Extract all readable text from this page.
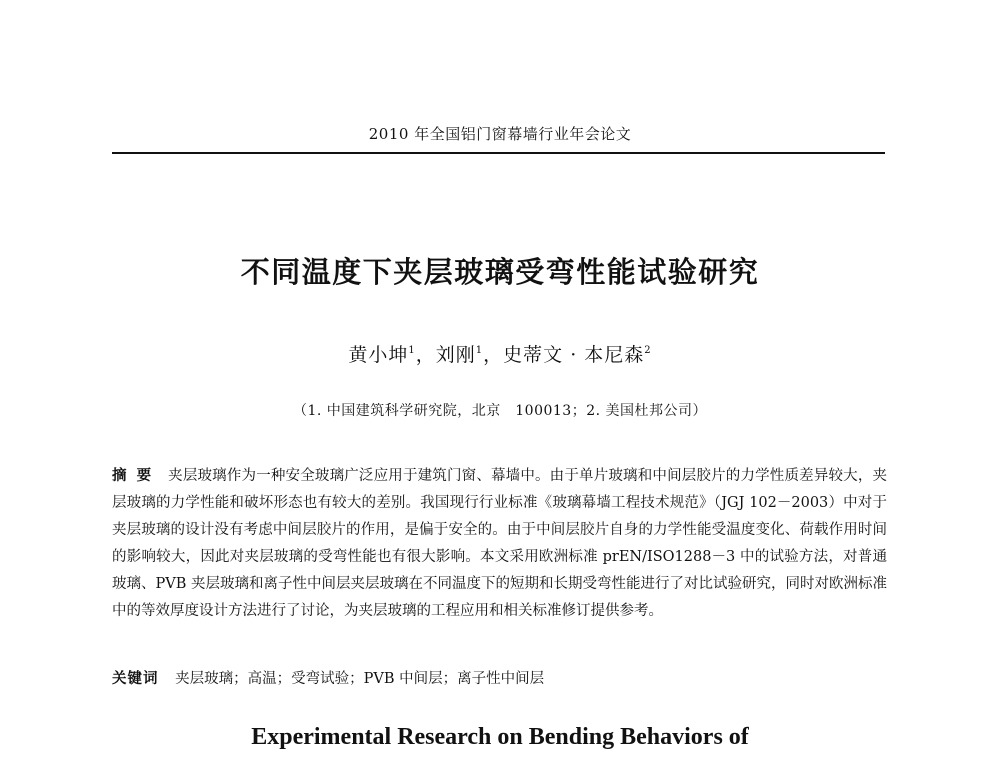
2010 年全国铝门窗幕墙行业年会论文
不同温度下夹层玻璃受弯性能试验研究
黄小坤$^1$，刘刚$^1$，史蒂文 · 本尼森$^2$
（1. 中国建筑科学研究院，北京　100013；2. 美国杜邦公司）
摘要 夹层玻璃作为一种安全玻璃广泛应用于建筑门窗、幕墙中。由于单片玻璃和中间层胶片的力学性质差异较大，夹层玻璃的力学性能和破坏形态也有较大的差别。我国现行行业标准《玻璃幕墙工程技术规范》（JGJ 102－2003）中对于夹层玻璃的设计没有考虑中间层胶片的作用，是偏于安全的。由于中间层胶片自身的力学性能受温度变化、荷载作用时间的影响较大，因此对夹层玻璃的受弯性能也有很大影响。本文采用欧洲标准 prEN/ISO1288－3 中的试验方法，对普通玻璃、PVB 夹层玻璃和离子性中间层夹层玻璃在不同温度下的短期和长期受弯性能进行了对比试验研究，同时对欧洲标准中的等效厚度设计方法进行了讨论，为夹层玻璃的工程应用和相关标准修订提供参考。
关键词 夹层玻璃；高温；受弯试验；PVB 中间层；离子性中间层
Experimental Research on Bending Behaviors of
